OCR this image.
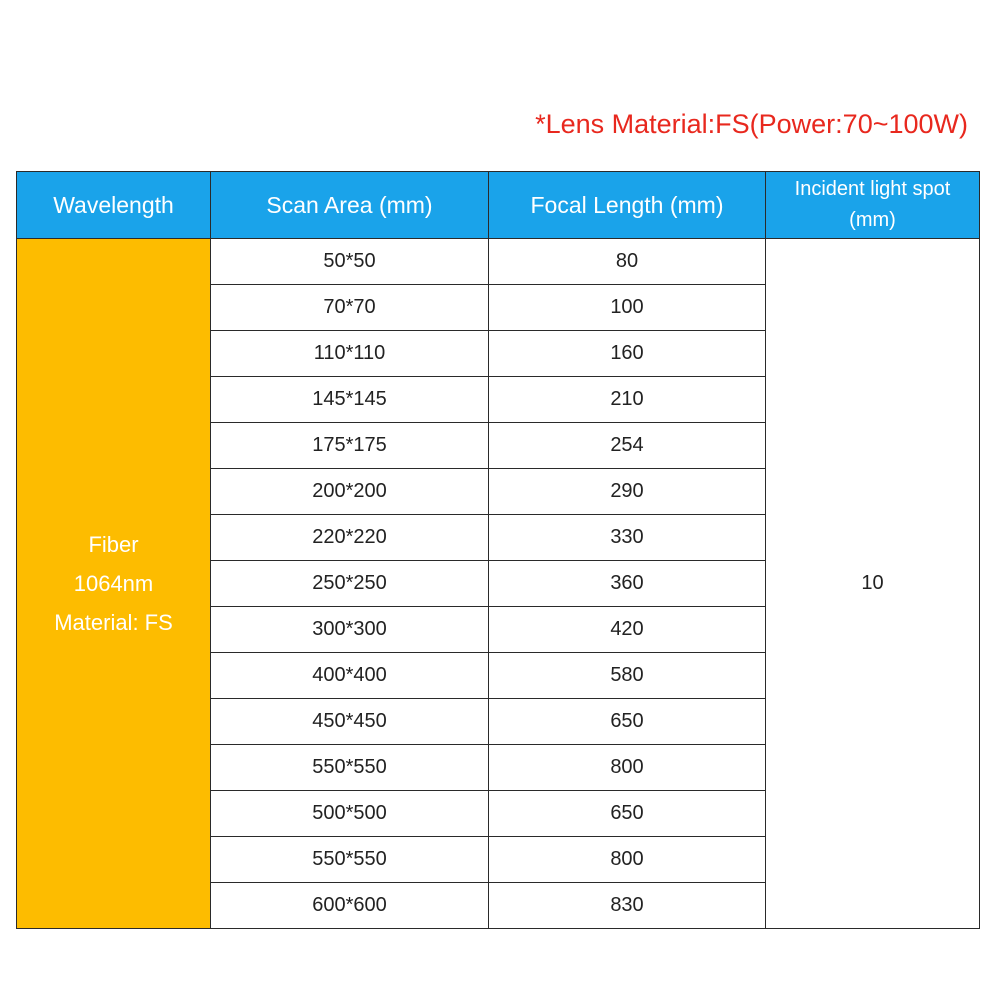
*Lens Material:FS(Power:70~100W)
Wavelength	Scan Area (mm)	Focal Length (mm)	Incident light spot
(mm)

Fiber
1064nm
Material: FS	50*50	80	10
	70*70	100	
	110*110	160	
	145*145	210	
	175*175	254	
	200*200	290	
	220*220	330	
	250*250	360	
	300*300	420	
	400*400	580	
	450*450	650	
	550*550	800	
	500*500	650	
	550*550	800	
	600*600	830	
